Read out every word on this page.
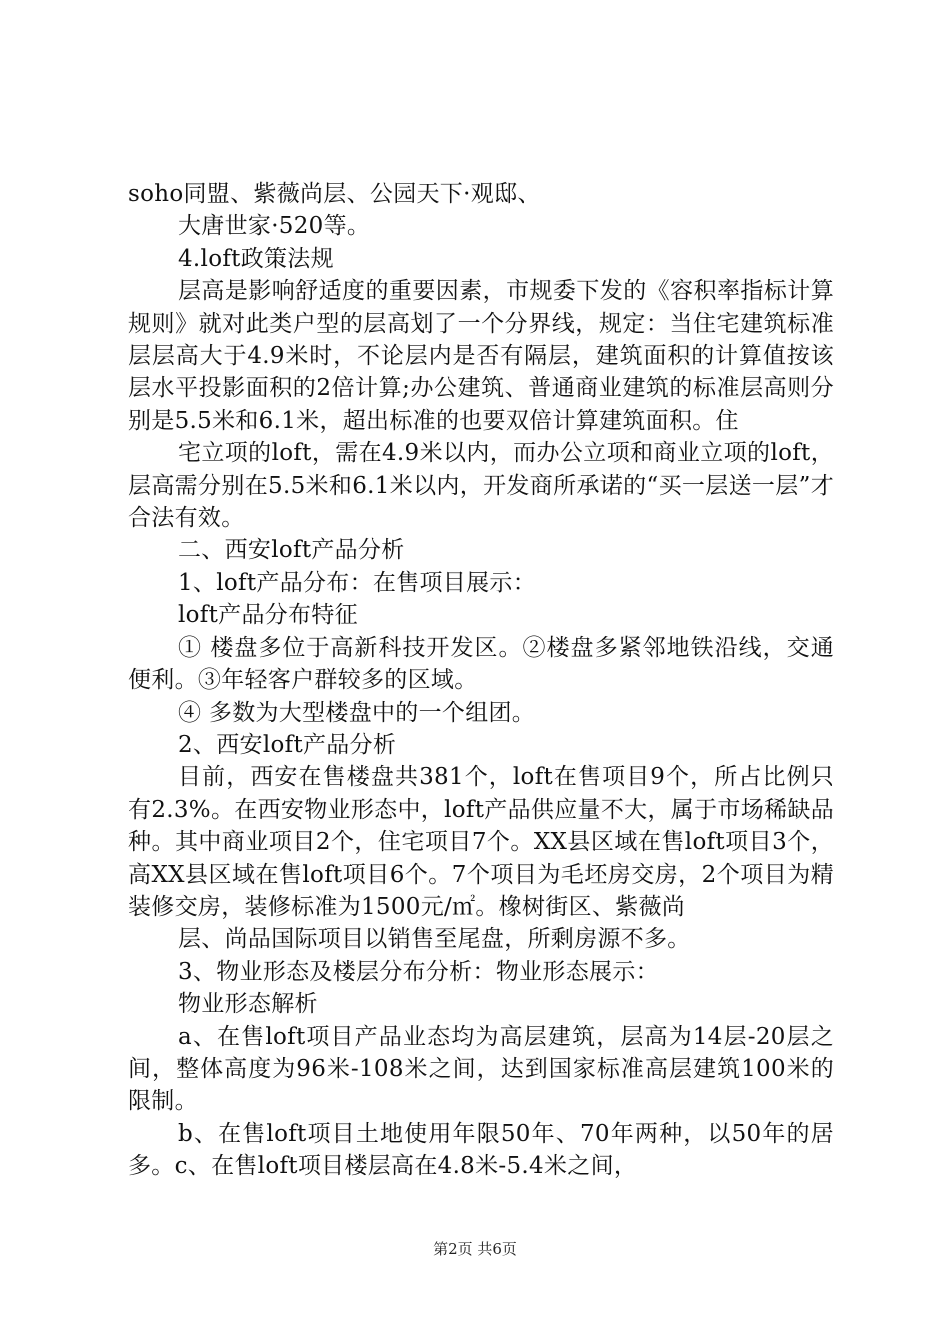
soho同盟、紫薇尚层、公园天下·观邸、

大唐世家·520等。

4.loft政策法规

层高是影响舒适度的重要因素，市规委下发的《容积率指标计算规则》就对此类户型的层高划了一个分界线，规定：当住宅建筑标准层层高大于4.9米时，不论层内是否有隔层，建筑面积的计算值按该层水平投影面积的2倍计算;办公建筑、普通商业建筑的标准层高则分别是5.5米和6.1米，超出标准的也要双倍计算建筑面积。住

宅立项的loft，需在4.9米以内，而办公立项和商业立项的loft，层高需分别在5.5米和6.1米以内，开发商所承诺的“买一层送一层”才合法有效。

二、西安loft产品分析

1、loft产品分布：在售项目展示：

loft产品分布特征

① 楼盘多位于高新科技开发区。②楼盘多紧邻地铁沿线，交通便利。③年轻客户群较多的区域。

④ 多数为大型楼盘中的一个组团。

2、西安loft产品分析

目前，西安在售楼盘共381个，loft在售项目9个，所占比例只有2.3%。在西安物业形态中，loft产品供应量不大，属于市场稀缺品种。其中商业项目2个，住宅项目7个。XX县区域在售loft项目3个，高XX县区域在售loft项目6个。7个项目为毛坯房交房，2个项目为精装修交房，装修标准为1500元/㎡。橡树街区、紫薇尚

层、尚品国际项目以销售至尾盘，所剩房源不多。

3、物业形态及楼层分布分析：物业形态展示：

物业形态解析

a、在售loft项目产品业态均为高层建筑，层高为14层-20层之间，整体高度为96米-108米之间，达到国家标准高层建筑100米的限制。

b、在售loft项目土地使用年限50年、70年两种，以50年的居多。c、在售loft项目楼层高在4.8米-5.4米之间，

第2页 共6页
